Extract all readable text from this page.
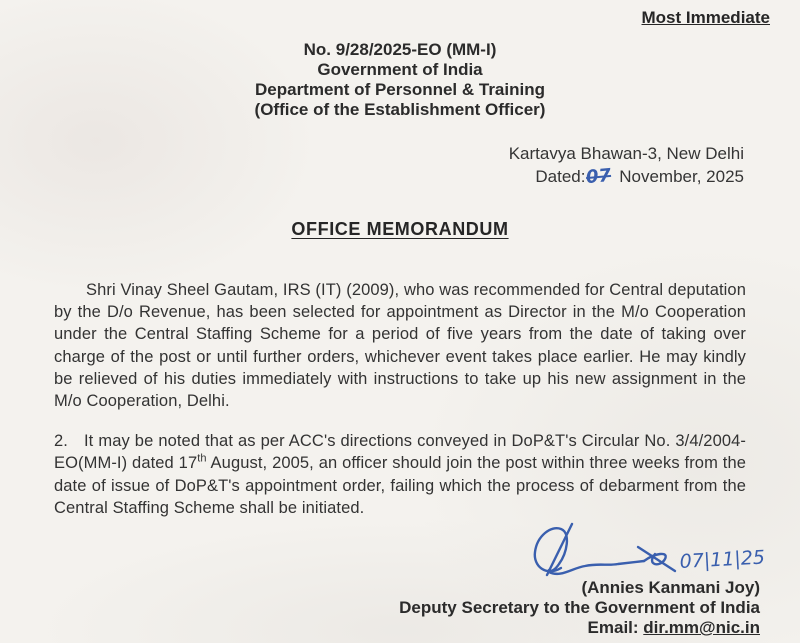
Most Immediate
No. 9/28/2025-EO (MM-I)
Government of India
Department of Personnel & Training
(Office of the Establishment Officer)
Kartavya Bhawan-3, New Delhi
Dated:07 November, 2025
OFFICE MEMORANDUM

Shri Vinay Sheel Gautam, IRS (IT) (2009), who was recommended for Central deputation by the D/o Revenue, has been selected for appointment as Director in the M/o Cooperation under the Central Staffing Scheme for a period of five years from the date of taking over charge of the post or until further orders, whichever event takes place earlier. He may kindly be relieved of his duties immediately with instructions to take up his new assignment in the M/o Cooperation, Delhi.

2. It may be noted that as per ACC's directions conveyed in DoP&T's Circular No. 3/4/2004-EO(MM-I) dated 17th August, 2005, an officer should join the post within three weeks from the date of issue of DoP&T's appointment order, failing which the process of debarment from the Central Staffing Scheme shall be initiated.

07|11|25
(Annies Kanmani Joy)
Deputy Secretary to the Government of India
Email: dir.mm@nic.in
